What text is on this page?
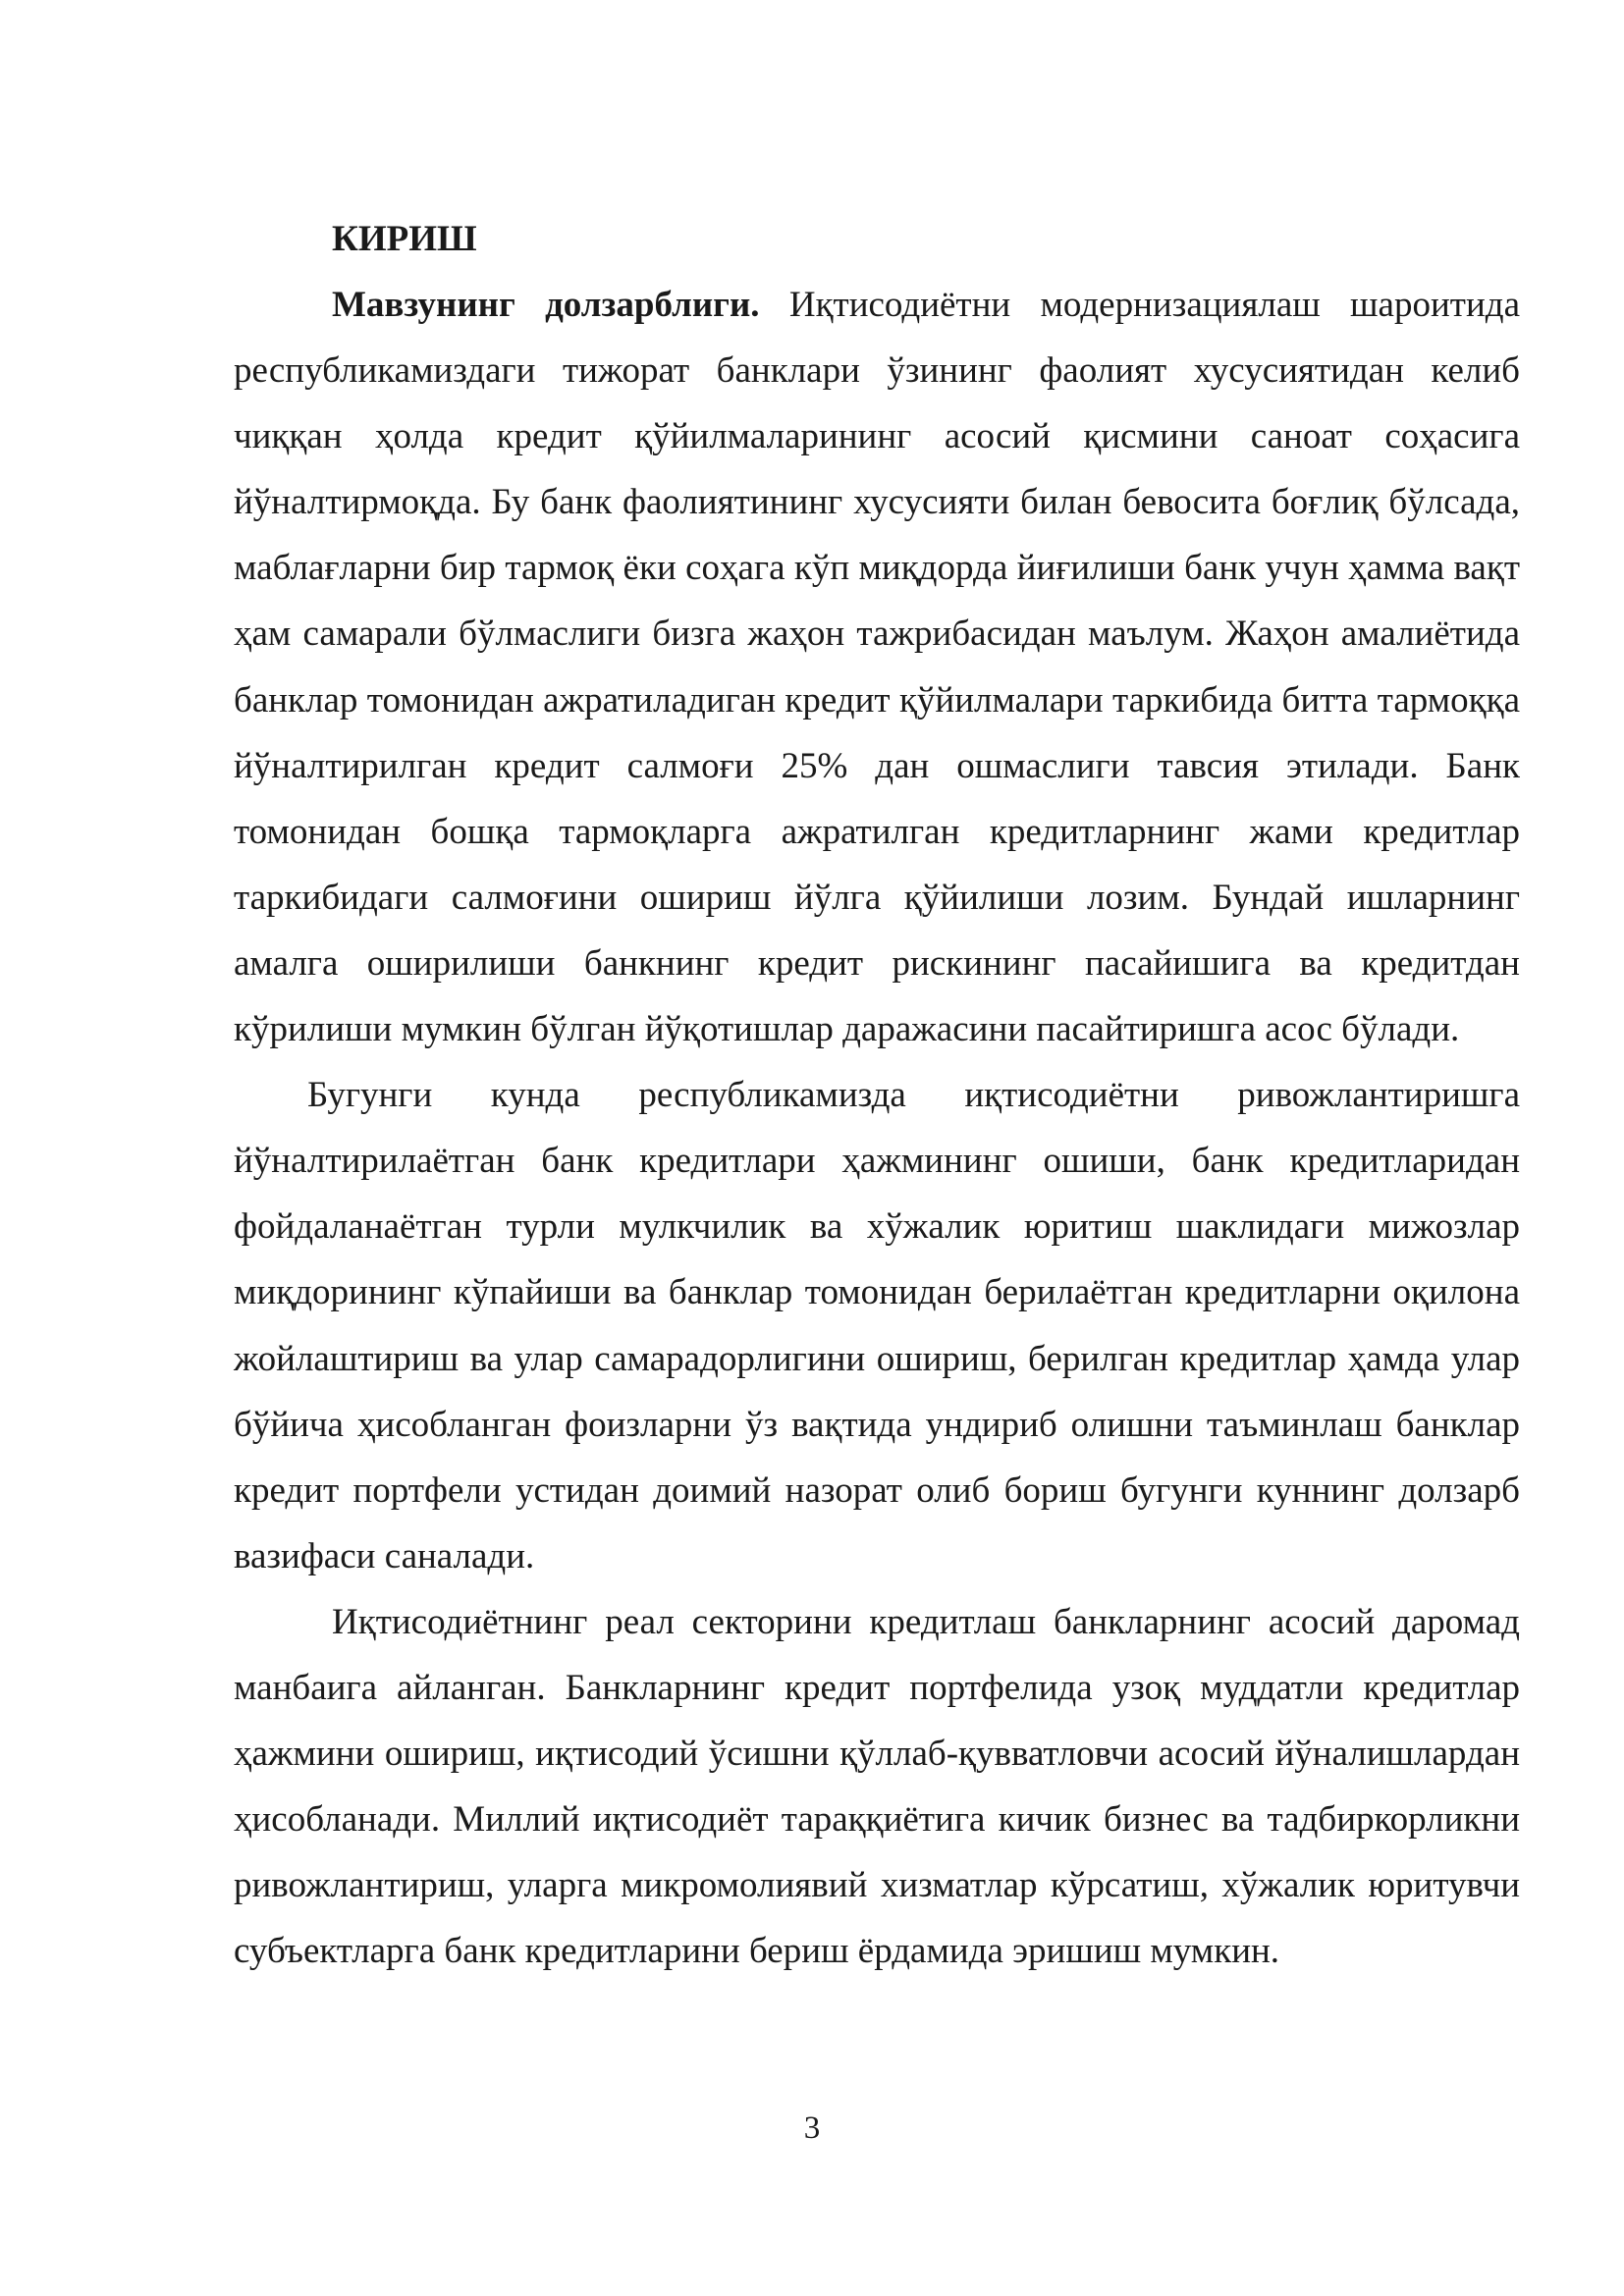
КИРИШ

Мавзунинг долзарблиги. Иқтисодиётни модернизациялаш шароитида республикамиздаги тижорат банклари ўзининг фаолият хусусиятидан келиб чиққан ҳолда кредит қўйилмаларининг асосий қисмини саноат соҳасига йўналтирмоқда. Бу банк фаолиятининг хусусияти билан бевосита боғлиқ бўлсада, маблағларни бир тармоқ ёки соҳага кўп миқдорда йиғилиши банк учун ҳамма вақт ҳам самарали бўлмаслиги бизга жаҳон тажрибасидан маълум. Жаҳон амалиётида банклар томонидан ажратиладиган кредит қўйилмалари таркибида битта тармоққа йўналтирилган кредит салмоғи 25% дан ошмаслиги тавсия этилади. Банк томонидан бошқа тармоқларга ажратилган кредитларнинг жами кредитлар таркибидаги салмоғини ошириш йўлга қўйилиши лозим. Бундай ишларнинг амалга оширилиши банкнинг кредит рискининг пасайишига ва кредитдан кўрилиши мумкин бўлган йўқотишлар даражасини пасайтиришга асос бўлади.

Бугунги кунда республикамизда иқтисодиётни ривожлантиришга йўналтирилаётган банк кредитлари ҳажмининг ошиши, банк кредитларидан фойдаланаётган турли мулкчилик ва хўжалик юритиш шаклидаги мижозлар миқдорининг кўпайиши ва банклар томонидан берилаётган кредитларни оқилона жойлаштириш ва улар самарадорлигини ошириш, берилган кредитлар ҳамда улар бўйича ҳисобланган фоизларни ўз вақтида ундириб олишни таъминлаш банклар кредит портфели устидан доимий назорат олиб бориш бугунги куннинг долзарб вазифаси саналади.

Иқтисодиётнинг реал секторини кредитлаш банкларнинг асосий даромад манбаига айланган. Банкларнинг кредит портфелида узоқ муддатли кредитлар ҳажмини ошириш, иқтисодий ўсишни қўллаб-қувватловчи асосий йўналишлардан ҳисобланади. Миллий иқтисодиёт тараққиётига кичик бизнес ва тадбиркорликни ривожлантириш, уларга микромолиявий хизматлар кўрсатиш, хўжалик юритувчи субъектларга банк кредитларини бериш ёрдамида эришиш мумкин.

3
